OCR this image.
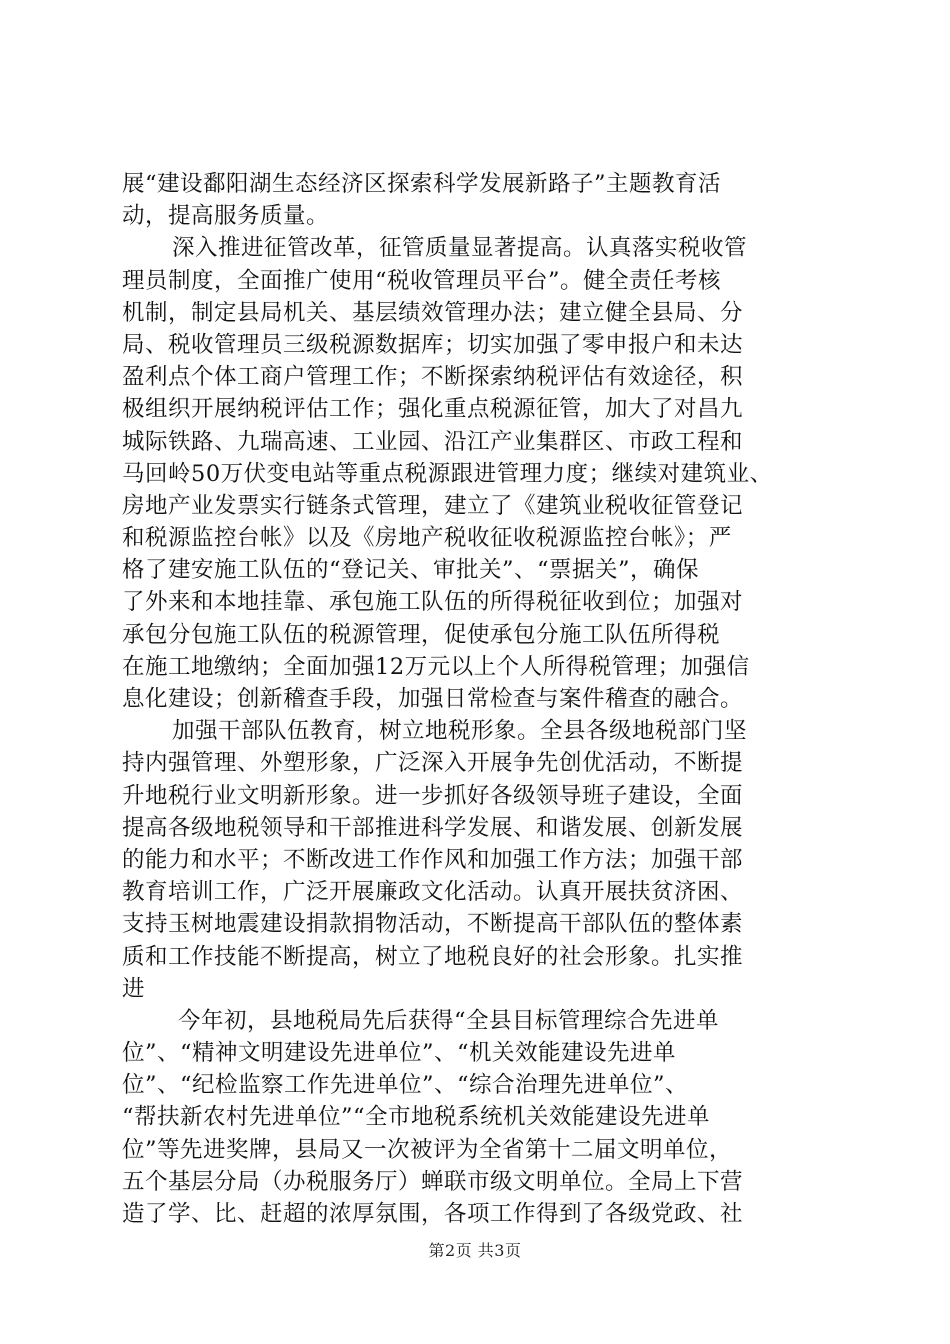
展“建设鄱阳湖生态经济区探索科学发展新路子”主题教育活
动，提高服务质量。
深入推进征管改革，征管质量显著提高。认真落实税收管
理员制度，全面推广使用“税收管理员平台”。健全责任考核
机制，制定县局机关、基层绩效管理办法；建立健全县局、分
局、税收管理员三级税源数据库；切实加强了零申报户和未达
盈利点个体工商户管理工作；不断探索纳税评估有效途径，积
极组织开展纳税评估工作；强化重点税源征管，加大了对昌九
城际铁路、九瑞高速、工业园、沿江产业集群区、市政工程和
马回岭50万伏变电站等重点税源跟进管理力度；继续对建筑业、
房地产业发票实行链条式管理，建立了《建筑业税收征管登记
和税源监控台帐》以及《房地产税收征收税源监控台帐》；严
格了建安施工队伍的“登记关、审批关”、“票据关”，确保
了外来和本地挂靠、承包施工队伍的所得税征收到位；加强对
承包分包施工队伍的税源管理，促使承包分施工队伍所得税
在施工地缴纳；全面加强12万元以上个人所得税管理；加强信
息化建设；创新稽查手段，加强日常检查与案件稽查的融合。
加强干部队伍教育，树立地税形象。全县各级地税部门坚
持内强管理、外塑形象，广泛深入开展争先创优活动，不断提
升地税行业文明新形象。进一步抓好各级领导班子建设，全面
提高各级地税领导和干部推进科学发展、和谐发展、创新发展
的能力和水平；不断改进工作作风和加强工作方法；加强干部
教育培训工作，广泛开展廉政文化活动。认真开展扶贫济困、
支持玉树地震建设捐款捐物活动，不断提高干部队伍的整体素
质和工作技能不断提高，树立了地税良好的社会形象。扎实推
进
今年初，县地税局先后获得“全县目标管理综合先进单
位”、“精神文明建设先进单位”、“机关效能建设先进单
位”、“纪检监察工作先进单位”、“综合治理先进单位”、
“帮扶新农村先进单位”“全市地税系统机关效能建设先进单
位”等先进奖牌，县局又一次被评为全省第十二届文明单位，
五个基层分局（办税服务厅）蝉联市级文明单位。全局上下营
造了学、比、赶超的浓厚氛围，各项工作得到了各级党政、社
第2页 共3页
